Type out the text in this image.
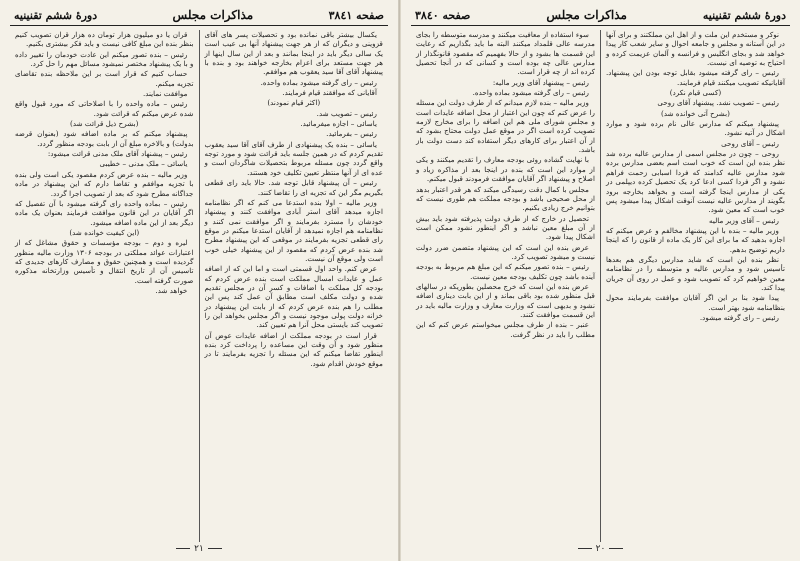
صفحه ۳۸٤۱
مذاکرات مجلس
دورهٔ ششم تقنینیه

یکسال بیشتر باقی نمانده بود و تحصیلات پسر های آقای قزوینی و دیگران که از هر جهت پیشنهاد آنها بی عیب است یک سالی دیگر باید در اینجا بمانند و بعد از این سال اینها از هر جهت مستعد برای اعزام بخارجه خواهند بود و بنده با پیشنهاد آقای آقا سید یعقوب هم موافقم.

رئیس – رای گرفته میشود بماده واحده.

آقایانی که موافقند قیام فرمایند.

(اکثر قیام نمودند)

رئیس – تصویب شد.

یاسائی – اجازه میفرمائید.

رئیس – بفرمائید.

یاسائی – بنده یک پیشنهادی از طرف آقای آقا سید یعقوب تقدیم کردم که در همین جلسه باید قرائت شود و مورد توجه واقع گردد چون مسئله مربوط بتحصیلات شاگردان است و عده ای از آنها منتظر تعیین تکلیف خود هستند.

رئیس – آن پیشنهاد قابل توجه شد. حالا باید رای قطعی بگیریم مگر این که تجزیه ای را تقاضا کنند.

وزیر مالیه – اولا بنده استدعا می کنم که اگر نظامنامه اجازه میدهد آقای استر آبادی موافقت کنند و پیشنهاد خودشان را مسترد بفرمایند و اگر موافقت نمی کنند و نظامنامه هم اجازه نمیدهد از آقایان استدعا میکنم در موقع رای قطعی تجزیه بفرمایند در موقعی که این پیشنهاد مطرح شد بنده عرض کردم که مقصود از این پیشنهاد خیلی خوب است ولی موقع آن نیست.

عرض کنم. واحد اول قسمتی است و اما این که از اضافه عمل و عایدات امسال مملکت است بنده عرض کردم که بودجه کل مملکت با اضافات و کسر آن در مجلس تقدیم شده و دولت مکلف است مطابق آن عمل کند پس این مطلب را هم بنده عرض کردم که از بابت این پیشنهاد در خزانه دولت پولی موجود نیست و اگر مجلس بخواهد این را تصویب کند بایستی محل آنرا هم تعیین کند.

قرار است در بودجه مملکت از اضافه عایدات عوض آن منظور شود و آن وقت این مساعده را پرداخت کرد بنده اینطور تقاضا میکنم که این مسئله را تجزیه بفرمایند تا در موقع خودش اقدام شود.

قران یا دو میلیون هزار تومان ده هزار قران تصویب کنیم بنظر بنده این مبلغ کافی نیست و باید فکر بیشتری بکنیم.

رئیس – بنده تصور میکنم این عادت خودمان را تغییر داده و با یک پیشنهاد مختصر نمیشود مسائل مهم را حل کرد.

حساب کنیم که قرار است بر این ملاحظه بنده تقاضای تجزیه میکنم.

موافقت نمایند.

رئیس – ماده واحده را با اصلاحاتی که مورد قبول واقع شده عرض میکنم که قرائت شود.

(بشرح ذیل قرائت شد)

پیشنهاد میکنم که بر ماده اضافه شود (بعنوان قرضه بدولت) و بالاخره مبلغ آن از بابت بودجه منظور گردد.

رئیس – پیشنهاد آقای ملک مدنی قرائت میشود:

یاسائی – ملک مدنی – خطیبی

وزیر مالیه – بنده عرض کردم مقصود یکی است ولی بنده با تجزیه موافقم و تقاضا دارم که این پیشنهاد در ماده جداگانه مطرح شود که بعد از تصویب اجرا گردد.

رئیس – بماده واحده رای گرفته میشود با آن تفصیل که اگر آقایان در این قانون موافقت فرمایند بعنوان یک ماده دیگر بعد از این ماده اضافه میشود.

(این کیفیت خوانده شد)

لیره و دوم – بودجه مؤسسات و حقوق مشاغل که از اعتبارات عوائد مملکتی در بودجه ۱۳۰۶ وزارت مالیه منظور گردیده است و همچنین حقوق و مصارف کارهای جدیدی که تاسیس آن از تاریخ انتقال و تأسیس وزارتخانه مذکوره صورت گرفته است.

خواهد شد.

۲۱
دورهٔ ششم تقنینیه
مذاکرات مجلس
صفحه ۳۸٤۰

نوکر و مستخدم این ملت و از اهل این مملکتند و برای آنها در این آستانه و مجلس و جامعه احوال و سایر شعب کار پیدا خواهد شد و بجای انگلیس و فرانسه و آلمان عزیمت کرده و احتیاج به توصیه ای نیست.

رئیس – رای گرفته میشود بقابل توجه بودن این پیشنهاد. آقایانیکه تصویب میکنند قیام فرمایند.

(کسی قیام نکرد)

رئیس – تصویب نشد. پیشنهاد آقای روحی

(بشرح آتی خوانده شد)

پیشنهاد میکنم که مدارس عالی نام برده شود و موارد اشکال در آتیه نشود.

رئیس – آقای روحی

روحی – چون در مجلس اسمی از مدارس عالیه برده شد نظر بنده این است که خوب است اسم بعضی مدارس برده شود مدارس عالیه کدامند که فردا اسبابی زحمت فراهم نشود و اگر فردا کسی ادعا کرد یک تحصیل کرده دیپلمی در یکی از مدارس اینجا گرفته است و بخواهد بخارجه برود بگویند از مدارس عالیه نیست آنوقت اشکال پیدا میشود پس خوب است که معین شود.

رئیس – آقای وزیر مالیه

وزیر مالیه – بنده با این پیشنهاد مخالفم و عرض میکنم که اجازه بدهید که ما برای این کار یک ماده از قانون را که اینجا داریم توضیح بدهم.

نظر بنده این است که شاید مدارس دیگری هم بعدها تأسیس شود و مدارس عالیه و متوسطه را در نظامنامه معین خواهیم کرد که تصویب شود و عمل در روی آن جریان پیدا کند.

پیدا شود بنا بر این اگر آقایان موافقت بفرمایند محول بنظامنامه شود بهتر است.

رئیس – رای گرفته میشود.

سوء استفاده از معافیت میکنند و مدرسه متوسطه را بجای مدرسه عالی قلمداد میکنند البته ما باید بگذاریم که رعایت این قسمت ها بشود و از حالا بفهمیم که مقصود قانونگذار از مدارس عالی چه بوده است و کسانی که در آنجا تحصیل کرده اند از چه قرار است.

رئیس – پیشنهاد آقای وزیر مالیه:

رئیس – رای گرفته میشود بماده واحده.

وزیر مالیه – بنده لازم میدانم که از طرف دولت این مسئله را عرض کنم که چون این اعتبار از محل اضافه عایدات است و مجلس شورای ملی هم این اضافه را برای مخارج لازمه تصویب کرده است اگر در موقع عمل دولت محتاج بشود که از آن اعتبار برای کارهای دیگر استفاده کند دست دولت باز باشد.

با نهایت گشاده روئی بودجه معارف را تقدیم میکنند و یکی از موارد این است که بنده در اینجا بعد از مذاکره زیاد و اصلاح و پیشنهاد اگر آقایان موافقت فرمودند قبول میکنم.

مجلس با کمال دقت رسیدگی میکند که هر قدر اعتبار بدهد از محل صحیحی باشد و بودجه مملکت هم طوری نیست که بتوانیم خرج زیادی بکنیم.

تحصیل در خارج که از طرف دولت پذیرفته شود باید بیش از آن مبلغ معین نباشد و اگر اینطور نشود ممکن است اشکال پیدا شود.

عرض بنده این است که این پیشنهاد متضمن ضرر دولت نیست و میشود تصویب کرد.

رئیس – بنده تصور میکنم که این مبلغ هم مربوط به بودجه آینده باشد چون تکلیف بودجه معین نیست.

عرض بنده این است که خرج محصلین بطوریکه در سالهای قبل منظور شده بود باقی بماند و از این بابت دیناری اضافه نشود و بدیهی است که وزارت معارف و وزارت مالیه باید در این قسمت موافقت کنند.

عنبر – بنده از طرف مجلس میخواستم عرض کنم که این مطلب را باید در نظر گرفت.

۲۰
